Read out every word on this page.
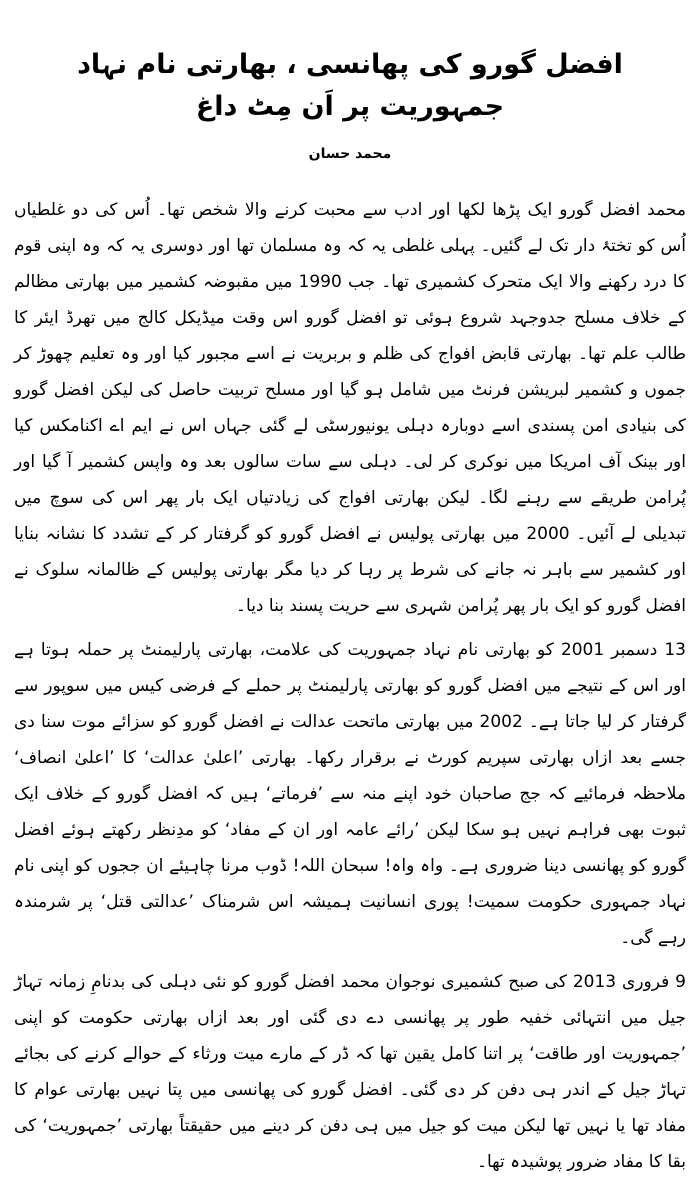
افضل گورو کی پھانسی ، بھارتی نام نہاد جمہوریت پر اَن مِٹ داغ
محمد حسان

محمد افضل گورو ایک پڑھا لکھا اور ادب سے محبت کرنے والا شخص تھا۔ اُس کی دو غلطیاں اُس کو تختۂ دار تک لے گئیں۔ پہلی غلطی یہ کہ وہ مسلمان تھا اور دوسری یہ کہ وہ اپنی قوم کا درد رکھنے والا ایک متحرک کشمیری تھا۔ جب 1990 میں مقبوضہ کشمیر میں بھارتی مظالم کے خلاف مسلح جدوجہد شروع ہوئی تو افضل گورو اس وقت میڈیکل کالج میں تھرڈ ایئر کا طالب علم تھا۔ بھارتی قابض افواج کی ظلم و بربریت نے اسے مجبور کیا اور وہ تعلیم چھوڑ کر جموں و کشمیر لبریشن فرنٹ میں شامل ہو گیا اور مسلح تربیت حاصل کی لیکن افضل گورو کی بنیادی امن پسندی اسے دوبارہ دہلی یونیورسٹی لے گئی جہاں اس نے ایم اے اکنامکس کیا اور بینک آف امریکا میں نوکری کر لی۔ دہلی سے سات سالوں بعد وہ واپس کشمیر آ گیا اور پُرامن طریقے سے رہنے لگا۔ لیکن بھارتی افواج کی زیادتیاں ایک بار پھر اس کی سوچ میں تبدیلی لے آئیں۔ 2000 میں بھارتی پولیس نے افضل گورو کو گرفتار کر کے تشدد کا نشانہ بنایا اور کشمیر سے باہر نہ جانے کی شرط پر رہا کر دیا مگر بھارتی پولیس کے ظالمانہ سلوک نے افضل گورو کو ایک بار پھر پُرامن شہری سے حریت پسند بنا دیا۔

13 دسمبر 2001 کو بھارتی نام نہاد جمہوریت کی علامت، بھارتی پارلیمنٹ پر حملہ ہوتا ہے اور اس کے نتیجے میں افضل گورو کو بھارتی پارلیمنٹ پر حملے کے فرضی کیس میں سوپور سے گرفتار کر لیا جاتا ہے۔ 2002 میں بھارتی ماتحت عدالت نے افضل گورو کو سزائے موت سنا دی جسے بعد ازاں بھارتی سپریم کورٹ نے برقرار رکھا۔ بھارتی ’اعلیٰ عدالت‘ کا ’اعلیٰ انصاف‘ ملاحظہ فرمائیے کہ جج صاحبان خود اپنے منہ سے ’فرماتے‘ ہیں کہ افضل گورو کے خلاف ایک ثبوت بھی فراہم نہیں ہو سکا لیکن ’رائے عامہ اور ان کے مفاد‘ کو مدِنظر رکھتے ہوئے افضل گورو کو پھانسی دینا ضروری ہے۔ واہ واہ! سبحان اللہ! ڈوب مرنا چاہیئے ان ججوں کو اپنی نام نہاد جمہوری حکومت سمیت! پوری انسانیت ہمیشہ اس شرمناک ’عدالتی قتل‘ پر شرمندہ رہے گی۔

9 فروری 2013 کی صبح کشمیری نوجوان محمد افضل گورو کو نئی دہلی کی بدنامِ زمانہ تہاڑ جیل میں انتہائی خفیہ طور پر پھانسی دے دی گئی اور بعد ازاں بھارتی حکومت کو اپنی ’جمہوریت اور طاقت‘ پر اتنا کامل یقین تھا کہ ڈر کے مارے میت ورثاء کے حوالے کرنے کی بجائے تہاڑ جیل کے اندر ہی دفن کر دی گئی۔ افضل گورو کی پھانسی میں پتا نہیں بھارتی عوام کا مفاد تھا یا نہیں تھا لیکن میت کو جیل میں ہی دفن کر دینے میں حقیقتاً بھارتی ’جمہوریت‘ کی بقا کا مفاد ضرور پوشیدہ تھا۔
